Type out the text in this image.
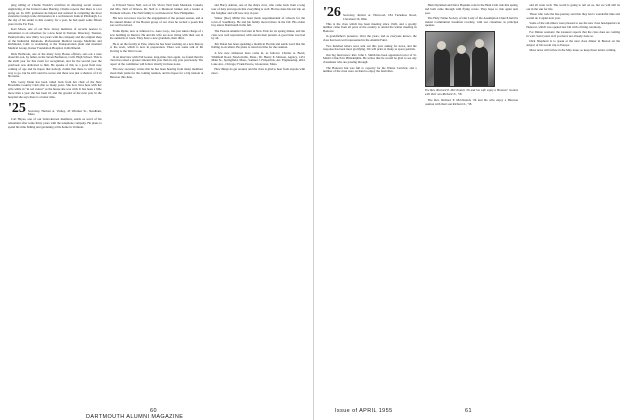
ping telling of Charlie French's activities in directing social science anglicizing of the United Lakes Bou'ing. Charlie reports that there is a lot going on. In 1931 graduates he helped and assisted in compiling the most extensive foreign trade dictionaries in a well-known bank in Pittsburgh. Lo the day of his return to this country for a year, he had spent some fifteen years in the Far East.

Karl Moon, one of our New Jersey members of records nearest to retirement, is an advertiser for a new hotel in Trenton. Directory, Trenton, Pennsylvania, now thirty two years with the company and the original shop of the Industrial Relations, Professional Medical Groups Medicine and Richmond, Calif. is wondering at the Transportation plant and moment Medical Group, Kaiser Foundation Hospital, in Richmond.

Dick Holbrook, one of the many Gray House officers, sets out a note about his son, by father, in the Seven Bachelors, Calif. High School. This is the sixth year for this event for recognition, and for the second year the yearbook was dedicated to him. He speaks of this as a good field now coming of age and he hopes that nobody claims that there is still a long way to go, but he still could be worse and there was just a shadow of it in his name.

Mrs. Gerry Dunn has been called back from her chair of the New Brookline Country Club after so many years. She now lives here with her wife while in "in red velour" as the house she was with. It has been a little more than a year she has been ill, and the ground of the next year in the hospital she says there is a better time.

'25 Secretary, Herbert A. Varney, 45 Windsor St., Needham, Mass.

Carl Hayes, one of our better-known members, sends us word of his retirement after some thirty years with the telephone company. He plans to spend his time fishing and gardening at his home in Vermont.

to Edward Vance Nell, son of Dr. Victor Nell from Montreal, Canada, and Mrs. Nell of Ottawa. Dr. Nell is a Montreal banker and a leader at Vermont schools. The Nell family is well known in New Hampshire.

His new successor was for the engagement of the present season, and at the annual dinner of the Boston group of our class he recited a poem that was well received.

Frank Ryder, now at Johnson Co. Auto Corp., has just taken charge of a new building in Denver. He and his wife are now living with their son in the outskirts of town. They have a new grandson, their third.

He is on the faculty at Yale, where he has been working on a new history of the town, which is now in preparation. There was some talk of his moving to the West Coast.

In an interview with Fall Geeter, long-time class agent, we found that the class has raised a greater amount this year than in any year previously. The report of the committee will follow shortly in these notes.

The new secretary writes that he has been hearing from many members about their plans for the coming reunion, and he hopes for a big turnout at Hanover this June.

and Harry Ashton, one of the ship's crew, who came back from a long tour of duty and reports that everything is well. He has done his last trip on the freighter and will now stay in port.

Walter (Doc) Miller has been made superintendent of schools for the town of Southbury. He and his family moved there in the fall. His oldest boy enters Dartmouth in the fall.

The Eastern Alumni Club met in New York for its spring dinner, and the class was well represented, with eleven men present. A good time was had by all.

Jim Dolan has been spending a month in Florida and sends word that the fishing is excellent. He plans to return in time for the reunion.

A few new addresses have come in, as follows: Charles A. Bond, Whitfield Road, Newtonville, Mass.; Dr. Henry P. Johnson, Agency, 1431 Main St., Springfield, Mass.; Samuel J. Fitzpatrick, Arr. Engineering, 4041 Lake Ave., Chicago; Frank Pearce, Gloucester, Mass.

How things do get around, and the class is glad to hear from anyone with news.

60
DARTMOUTH ALUMNI MAGAZINE
'26 Secretary, Robert A. Harwood, 184 Tuckahoe Road, Cleveland 19, Ohio

This is the class which has been meeting since 1926, and a goodly number came from all parts of the country to attend the winter meeting in Hanover.

in grandfather's presence. Over the years, and as everyone knows, the class has been well represented in the Alumni Fund.

Two hundred letters were sent out this year asking for news, and the response has been most gratifying. We will print as many as space permits.

Our big fund news: Rev. John J. Smith has been appointed rector of St. Mark's Church in Philadelphia. He writes that he would be glad to see any classmates who are passing through.

The Hanover Inn was full to capacity for the Winter Carnival, and a number of the class were on hand to enjoy the festivities.

Ham Dyckman and Dave Hopkins rode in the Hunt Club ride this spring, and both came through with flying colors. They hope to ride again next year.

The Holy Name Society of Our Lady of the Assumption Church held its annual Communion breakfast recently, with our classmate as principal speaker.

The Rev. Richard P. McClintock '26 and his wife enjoy a Hanover reunion with their son Richard Jr., '58.

The Rev. Richard P. McClintock '26 and his wife enjoy a Hanover reunion with their son Richard Jr., '58.

and all went well. The world is going to tell on us, but we will still be out in the sun for life.

Those who rode the bus-journey said that they had a wonderful time and would do it again next year.

Some of the old-timers were pleased to see the new class headquarters in Hanover, which was opened last fall with a fitting ceremony.

For Dinner sessions: the treasurer reports that the class dues are coming in well. Send yours in if you have not already done so.

Dick Shepherd is to speak at the next class dinner in Boston on the subject of his recent trip to Europe.

More news will follow in the May issue, so keep those letters coming.

Issue of APRIL 1955	61
